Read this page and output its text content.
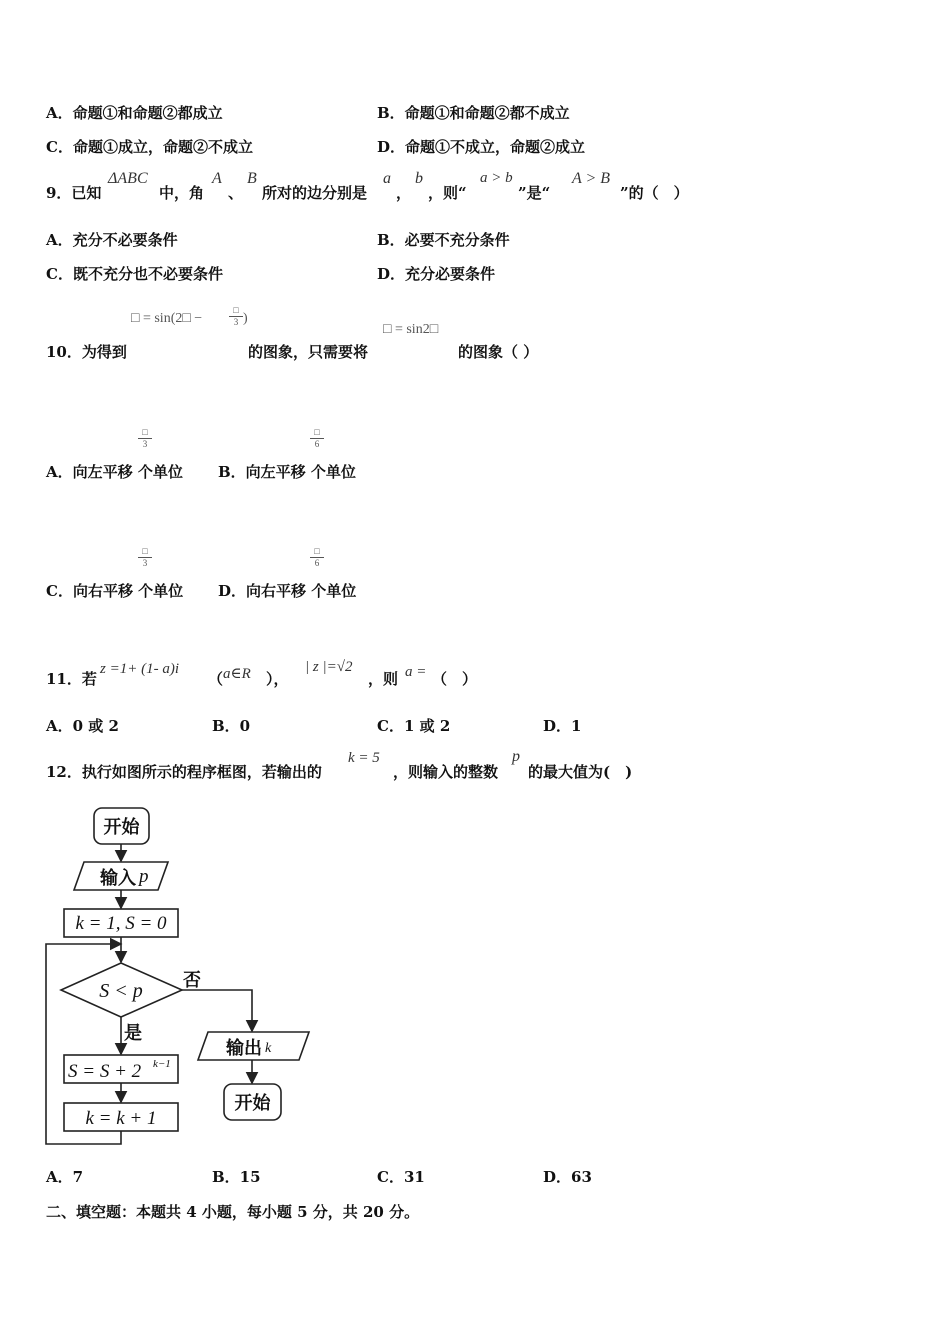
A．命题①和命题②都成立	B．命题①和命题②都不成立
C．命题①成立，命题②不成立	D．命题①不成立，命题②成立
9．已知
ΔABC
中，角
A
、
B
所对的边分别是
a
，
b
，则“
a > b
”是“
A > B
”的（　）
A．充分不必要条件	B．必要不充分条件
C．既不充分也不必要条件	D．充分必要条件
□ = sin(2□ −
□
3 )
□ = sin2□
10．为得到	的图象，只需要将	的图象（ ）
□
3
□
6
A．向左平移 个单位 B．向左平移 个单位
□
3
□
6
C．向右平移 个单位 D．向右平移 个单位
11．若
z =1+ (1- a)i
（ a∈R ），
| z |=√2
，则 a = （　）
A．0 或 2	B．0	C．1 或 2	D．1
12．执行如图所示的程序框图，若输出的
k = 5
，则输入的整数
p
的最大值为(　)
开始
输入 p
k = 1, S = 0
S < p 否
是
S = S + 2 k−1
k = k + 1
输出 k
开始
A．7	B．15	C．31	D．63
二、填空题：本题共 4 小题，每小题 5 分，共 20 分。
